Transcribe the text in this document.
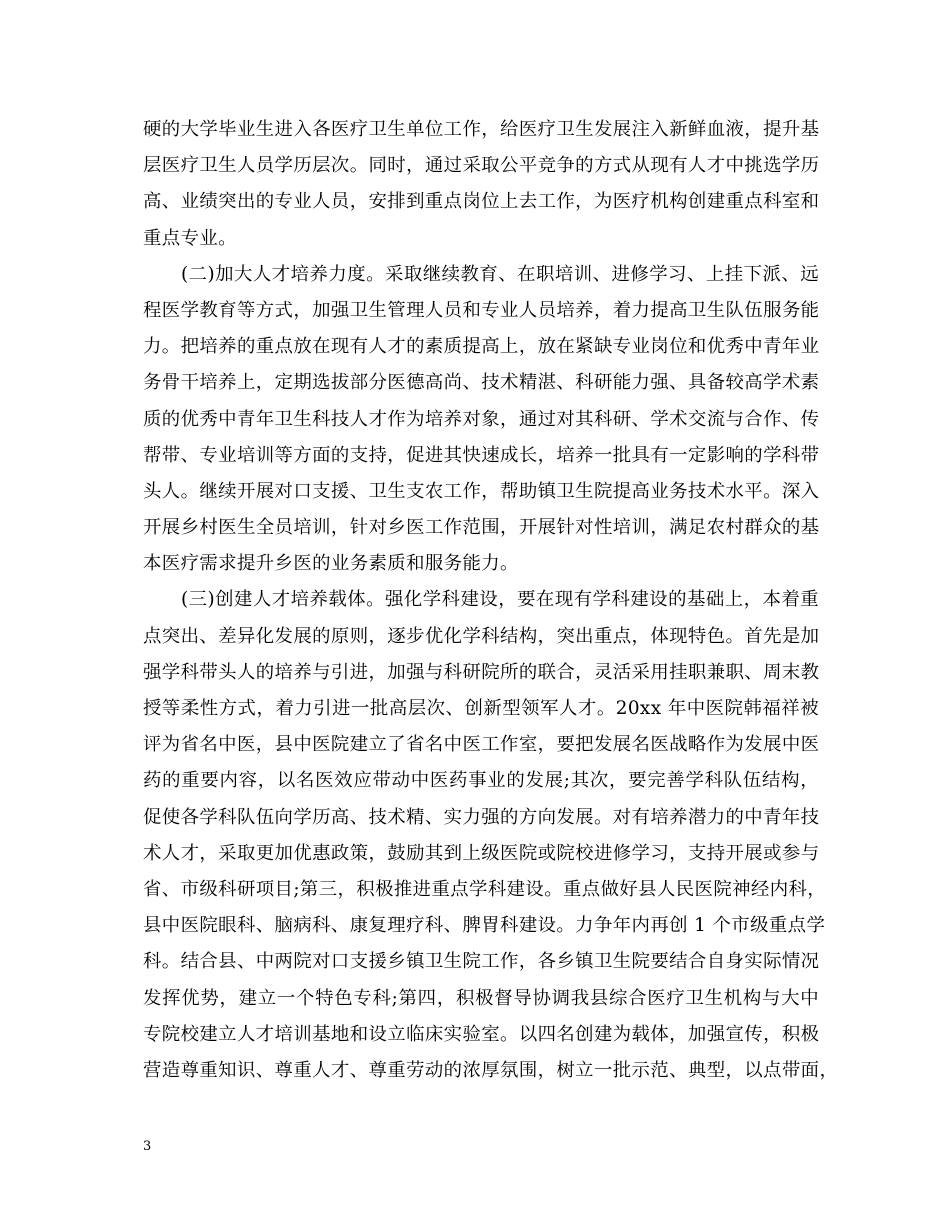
硬的大学毕业生进入各医疗卫生单位工作，给医疗卫生发展注入新鲜血液，提升基
层医疗卫生人员学历层次。同时，通过采取公平竞争的方式从现有人才中挑选学历
高、业绩突出的专业人员，安排到重点岗位上去工作，为医疗机构创建重点科室和
重点专业。
(二)加大人才培养力度。采取继续教育、在职培训、进修学习、上挂下派、远
程医学教育等方式，加强卫生管理人员和专业人员培养，着力提高卫生队伍服务能
力。把培养的重点放在现有人才的素质提高上，放在紧缺专业岗位和优秀中青年业
务骨干培养上，定期选拔部分医德高尚、技术精湛、科研能力强、具备较高学术素
质的优秀中青年卫生科技人才作为培养对象，通过对其科研、学术交流与合作、传
帮带、专业培训等方面的支持，促进其快速成长，培养一批具有一定影响的学科带
头人。继续开展对口支援、卫生支农工作，帮助镇卫生院提高业务技术水平。深入
开展乡村医生全员培训，针对乡医工作范围，开展针对性培训，满足农村群众的基
本医疗需求提升乡医的业务素质和服务能力。
(三)创建人才培养载体。强化学科建设，要在现有学科建设的基础上，本着重
点突出、差异化发展的原则，逐步优化学科结构，突出重点，体现特色。首先是加
强学科带头人的培养与引进，加强与科研院所的联合，灵活采用挂职兼职、周末教
授等柔性方式，着力引进一批高层次、创新型领军人才。20xx 年中医院韩福祥被
评为省名中医，县中医院建立了省名中医工作室，要把发展名医战略作为发展中医
药的重要内容，以名医效应带动中医药事业的发展;其次，要完善学科队伍结构，
促使各学科队伍向学历高、技术精、实力强的方向发展。对有培养潜力的中青年技
术人才，采取更加优惠政策，鼓励其到上级医院或院校进修学习，支持开展或参与
省、市级科研项目;第三，积极推进重点学科建设。重点做好县人民医院神经内科，
县中医院眼科、脑病科、康复理疗科、脾胃科建设。力争年内再创 1 个市级重点学
科。结合县、中两院对口支援乡镇卫生院工作，各乡镇卫生院要结合自身实际情况
发挥优势，建立一个特色专科;第四，积极督导协调我县综合医疗卫生机构与大中
专院校建立人才培训基地和设立临床实验室。以四名创建为载体，加强宣传，积极
营造尊重知识、尊重人才、尊重劳动的浓厚氛围，树立一批示范、典型，以点带面，
3
